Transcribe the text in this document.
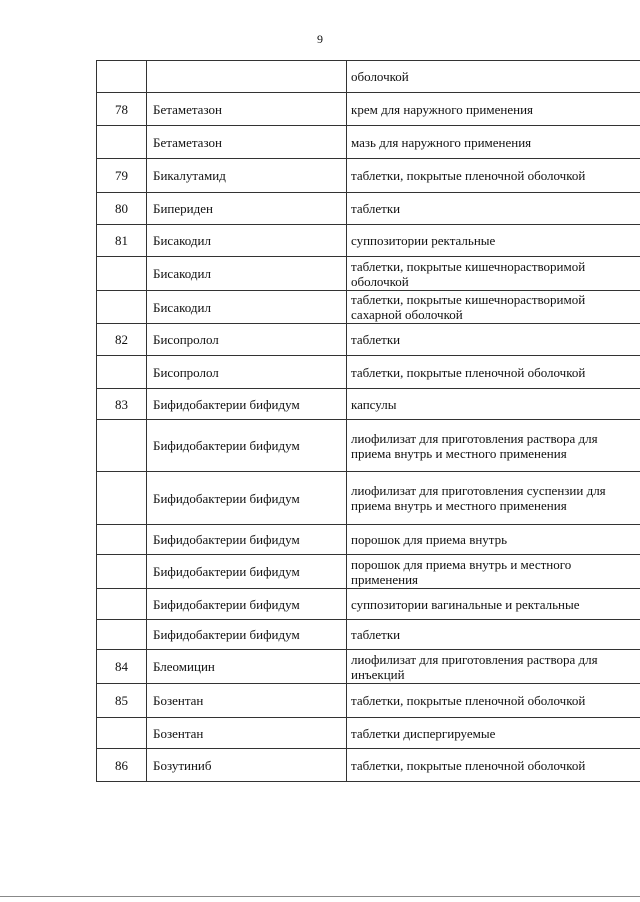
9
		оболочкой
78	Бетаметазон	крем для наружного применения
	Бетаметазон	мазь для наружного применения
79	Бикалутамид	таблетки, покрытые пленочной оболочкой
80	Бипериден	таблетки
81	Бисакодил	суппозитории ректальные
	Бисакодил	таблетки, покрытые кишечнорастворимой оболочкой
	Бисакодил	таблетки, покрытые кишечнорастворимой сахарной оболочкой
82	Бисопролол	таблетки
	Бисопролол	таблетки, покрытые пленочной оболочкой
83	Бифидобактерии бифидум	капсулы
	Бифидобактерии бифидум	лиофилизат для приготовления раствора для приема внутрь и местного применения
	Бифидобактерии бифидум	лиофилизат для приготовления суспензии для приема внутрь и местного применения
	Бифидобактерии бифидум	порошок для приема внутрь
	Бифидобактерии бифидум	порошок для приема внутрь и местного применения
	Бифидобактерии бифидум	суппозитории вагинальные и ректальные
	Бифидобактерии бифидум	таблетки
84	Блеомицин	лиофилизат для приготовления раствора для инъекций
85	Бозентан	таблетки, покрытые пленочной оболочкой
	Бозентан	таблетки диспергируемые
86	Бозутиниб	таблетки, покрытые пленочной оболочкой
